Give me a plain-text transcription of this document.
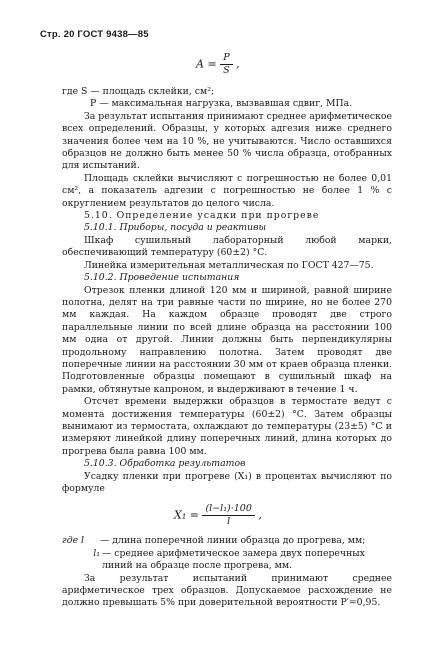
Стр. 20 ГОСТ 9438—85
$A = \frac{P}{S}$ ,

где S — площадь склейки, см²;

P — максимальная нагрузка, вызвавшая сдвиг, МПа.

За результат испытания принимают среднее арифметическое всех определений. Образцы, у которых адгезия ниже среднего значения более чем на 10 %, не учитываются. Число оставшихся образцов не должно быть менее 50 % числа образца, отобранных для испытаний.

Площадь склейки вычисляют с погрешностью не более 0,01 см², а показатель адгезии с погрешностью не более 1 % с округлением результатов до целого числа.

5.10. Определение усадки при прогреве

5.10.1. Приборы, посуда и реактивы

Шкаф сушильный лабораторный любой марки, обеспечивающий температуру (60±2) °С.

Линейка измерительная металлическая по ГОСТ 427—75.

5.10.2. Проведение испытания

Отрезок пленки длиной 120 мм и шириной, равной ширине полотна, делят на три равные части по ширине, но не более 270 мм каждая. На каждом образце проводят две строго параллельные линии по всей длине образца на расстоянии 100 мм одна от другой. Линии должны быть перпендикулярны продольному направлению полотна. Затем проводят две поперечные линии на расстоянии 30 мм от краев образца пленки. Подготовленные образцы помещают в сушильный шкаф на рамки, обтянутые капроном, и выдерживают в течение 1 ч.

Отсчет времени выдержки образцов в термостате ведут с момента достижения температуры (60±2) °С. Затем образцы вынимают из термостата, охлаждают до температуры (23±5) °С и измеряют линейкой длину поперечных линий, длина которых до прогрева была равна 100 мм.

5.10.3. Обработка результатов

Усадку пленки при прогреве (X₁) в процентах вычисляют по формуле

$X_1 = \frac{\text{(l−l₁)·100}}{l}$ ,
где l	— длина поперечной линии образца до прогрева, мм;
l₁ — среднее арифметическое замера двух поперечных линий на образце после прогрева, мм.

За результат испытаний принимают среднее арифметическое трех образцов. Допускаемое расхождение не должно превышать 5% при доверительной вероятности P′=0,95.
